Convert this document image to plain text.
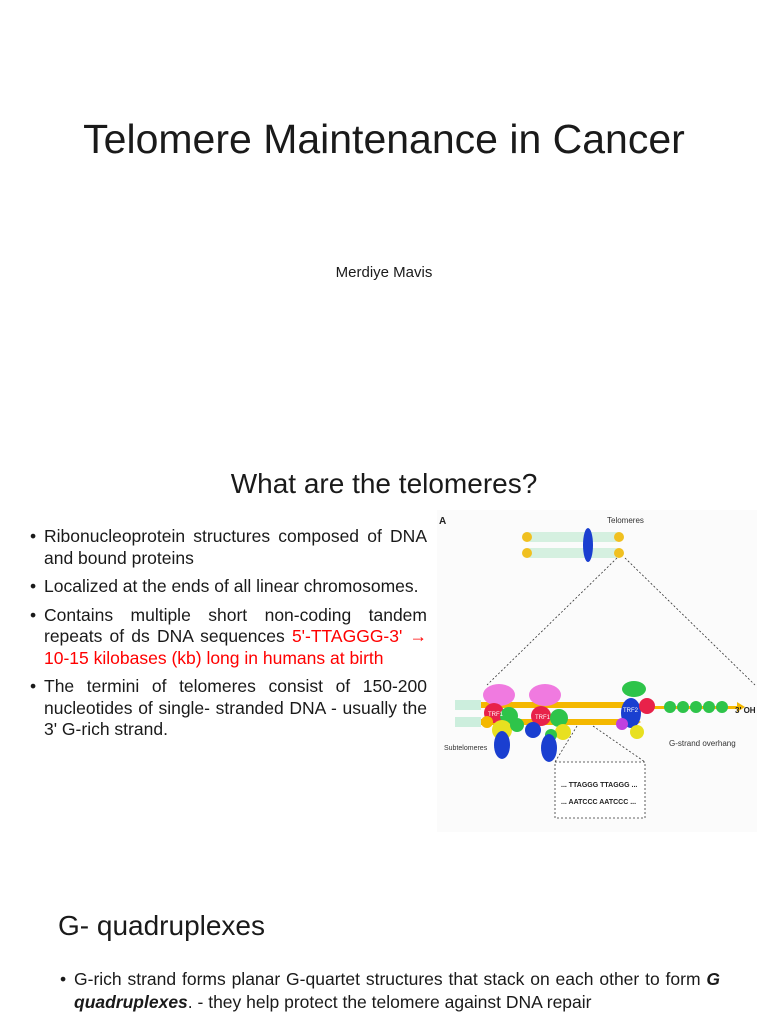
Telomere Maintenance in Cancer
Merdiye Mavis
What are the telomeres?
• Ribonucleoprotein structures composed of DNA and bound proteins
• Localized at the ends of all linear chromosomes.
• Contains multiple short non-coding tandem repeats of ds DNA sequences 5'-TTAGGG-3' → 10-15 kilobases (kb) long in humans at birth
• The termini of telomeres consist of 150-200 nucleotides of single- stranded DNA - usually the 3' G-rich strand.
A	Telomeres
Subtelomeres
G-strand overhang
3' OH
TRF1	TRF1
TRF2
... TTAGGG TTAGGG ...
... AATCCC AATCCC ...
G- quadruplexes
• G-rich strand forms planar G-quartet structures that stack on each other to form G quadruplexes. - they help protect the telomere against DNA repair
